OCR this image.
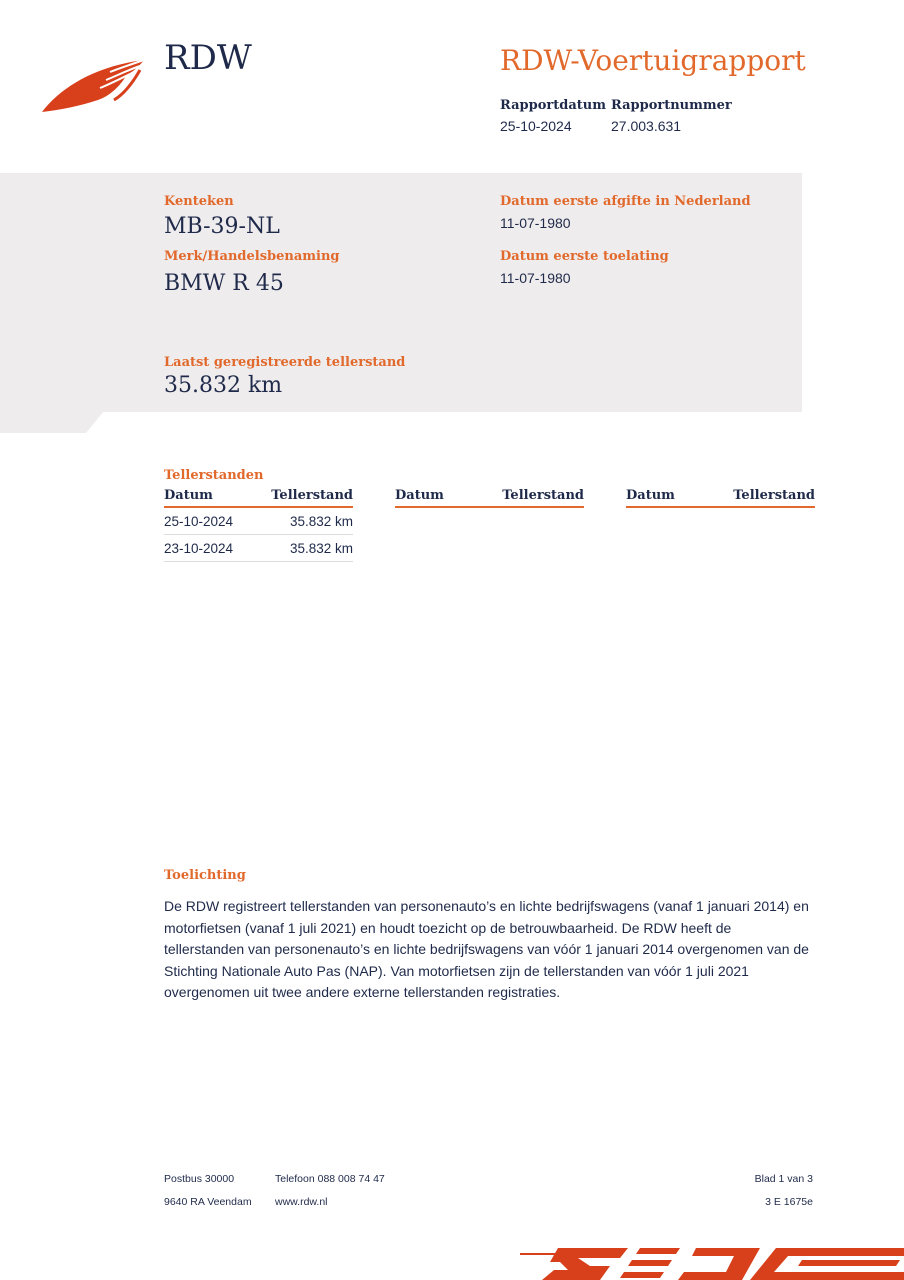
RDW	RDW-Voertuigrapport
Rapportdatum
25-10-2024
Rapportnummer
27.003.631
Kenteken
MB-39-NL
Merk/Handelsbenaming
BMW R 45
Datum eerste afgifte in Nederland
11-07-1980
Datum eerste toelating
11-07-1980
Laatst geregistreerde tellerstand
35.832 km
Tellerstanden
Datum	Tellerstand
25-10-2024	35.832 km
23-10-2024	35.832 km
Datum	Tellerstand	Datum	Tellerstand
Toelichting
De RDW registreert tellerstanden van personenauto’s en lichte bedrijfswagens (vanaf 1 januari 2014) en motorfietsen (vanaf 1 juli 2021) en houdt toezicht op de betrouwbaarheid. De RDW heeft de tellerstanden van personenauto’s en lichte bedrijfswagens van vóór 1 januari 2014 overgenomen van de Stichting Nationale Auto Pas (NAP). Van motorfietsen zijn de tellerstanden van vóór 1 juli 2021 overgenomen uit twee andere externe tellerstanden registraties.
Postbus 30000
9640 RA Veendam
Telefoon 088 008 74 47
www.rdw.nl
Blad 1 van 3
3 E 1675e
